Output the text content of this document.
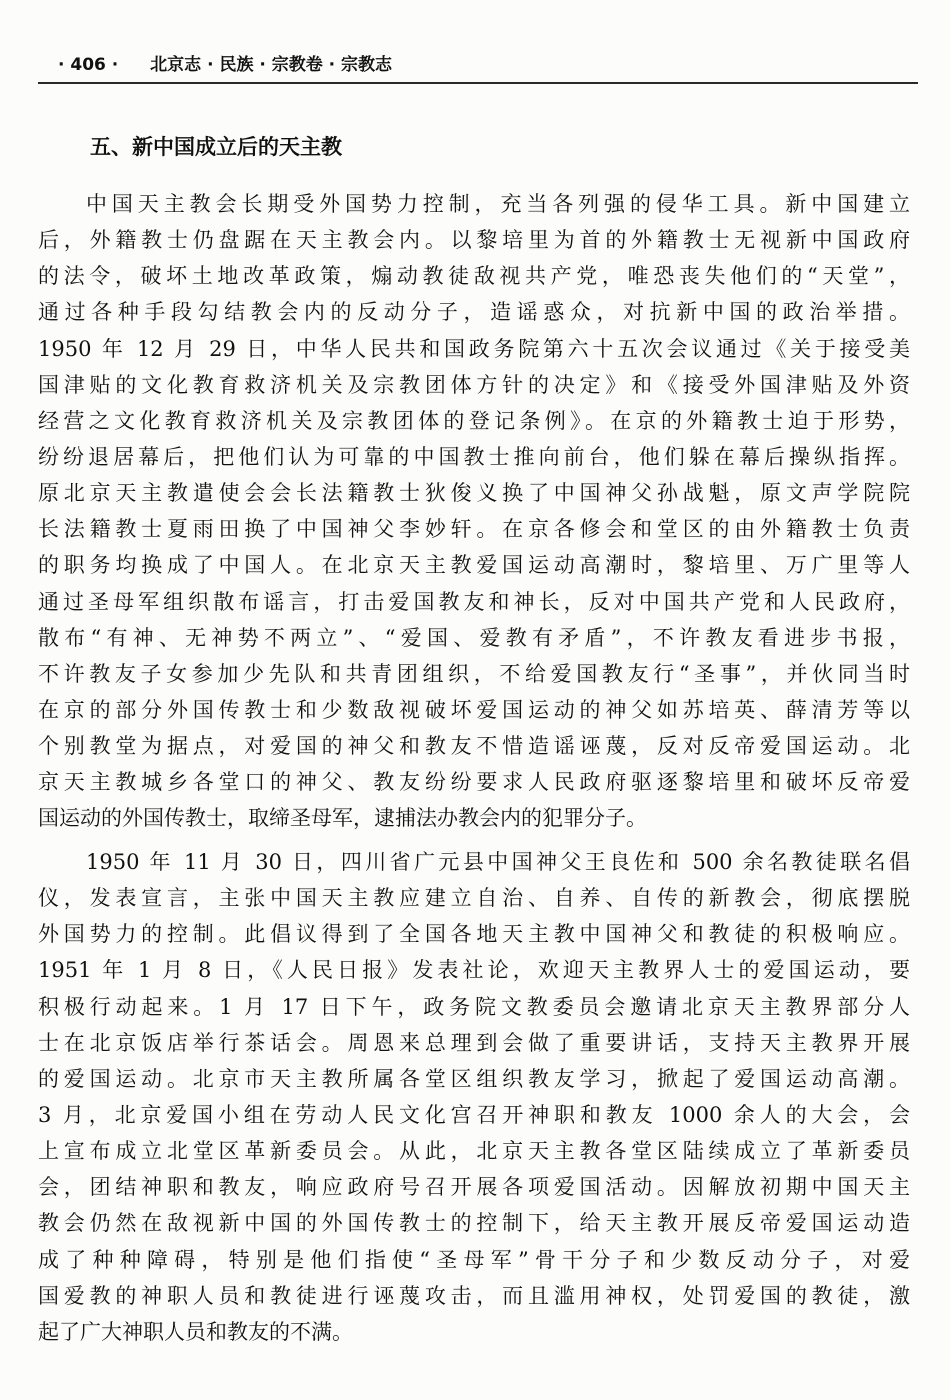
· 406 · 北京志 · 民族 · 宗教卷 · 宗教志
五、新中国成立后的天主教
中国天主教会长期受外国势力控制，充当各列强的侵华工具。新中国建立
后，外籍教士仍盘踞在天主教会内。以黎培里为首的外籍教士无视新中国政府
的法令，破坏土地改革政策，煽动教徒敌视共产党，唯恐丧失他们的“天堂”，
通过各种手段勾结教会内的反动分子，造谣惑众，对抗新中国的政治举措。
1950 年 12 月 29 日，中华人民共和国政务院第六十五次会议通过《关于接受美
国津贴的文化教育救济机关及宗教团体方针的决定》和《接受外国津贴及外资
经营之文化教育救济机关及宗教团体的登记条例》。在京的外籍教士迫于形势，
纷纷退居幕后，把他们认为可靠的中国教士推向前台，他们躲在幕后操纵指挥。
原北京天主教遣使会会长法籍教士狄俊义换了中国神父孙战魁，原文声学院院
长法籍教士夏雨田换了中国神父李妙轩。在京各修会和堂区的由外籍教士负责
的职务均换成了中国人。在北京天主教爱国运动高潮时，黎培里、万广里等人
通过圣母军组织散布谣言，打击爱国教友和神长，反对中国共产党和人民政府，
散布“有神、无神势不两立”、“爱国、爱教有矛盾”，不许教友看进步书报，
不许教友子女参加少先队和共青团组织，不给爱国教友行“圣事”，并伙同当时
在京的部分外国传教士和少数敌视破坏爱国运动的神父如苏培英、薛清芳等以
个别教堂为据点，对爱国的神父和教友不惜造谣诬蔑，反对反帝爱国运动。北
京天主教城乡各堂口的神父、教友纷纷要求人民政府驱逐黎培里和破坏反帝爱
国运动的外国传教士，取缔圣母军，逮捕法办教会内的犯罪分子。
1950 年 11 月 30 日，四川省广元县中国神父王良佐和 500 余名教徒联名倡
仪，发表宣言，主张中国天主教应建立自治、自养、自传的新教会，彻底摆脱
外国势力的控制。此倡议得到了全国各地天主教中国神父和教徒的积极响应。
1951 年 1 月 8 日，《人民日报》发表社论，欢迎天主教界人士的爱国运动，要
积极行动起来。1 月 17 日下午，政务院文教委员会邀请北京天主教界部分人
士在北京饭店举行茶话会。周恩来总理到会做了重要讲话，支持天主教界开展
的爱国运动。北京市天主教所属各堂区组织教友学习，掀起了爱国运动高潮。
3 月，北京爱国小组在劳动人民文化宫召开神职和教友 1000 余人的大会，会
上宣布成立北堂区革新委员会。从此，北京天主教各堂区陆续成立了革新委员
会，团结神职和教友，响应政府号召开展各项爱国活动。因解放初期中国天主
教会仍然在敌视新中国的外国传教士的控制下，给天主教开展反帝爱国运动造
成了种种障碍，特别是他们指使“圣母军”骨干分子和少数反动分子，对爱
国爱教的神职人员和教徒进行诬蔑攻击，而且滥用神权，处罚爱国的教徒，激
起了广大神职人员和教友的不满。
